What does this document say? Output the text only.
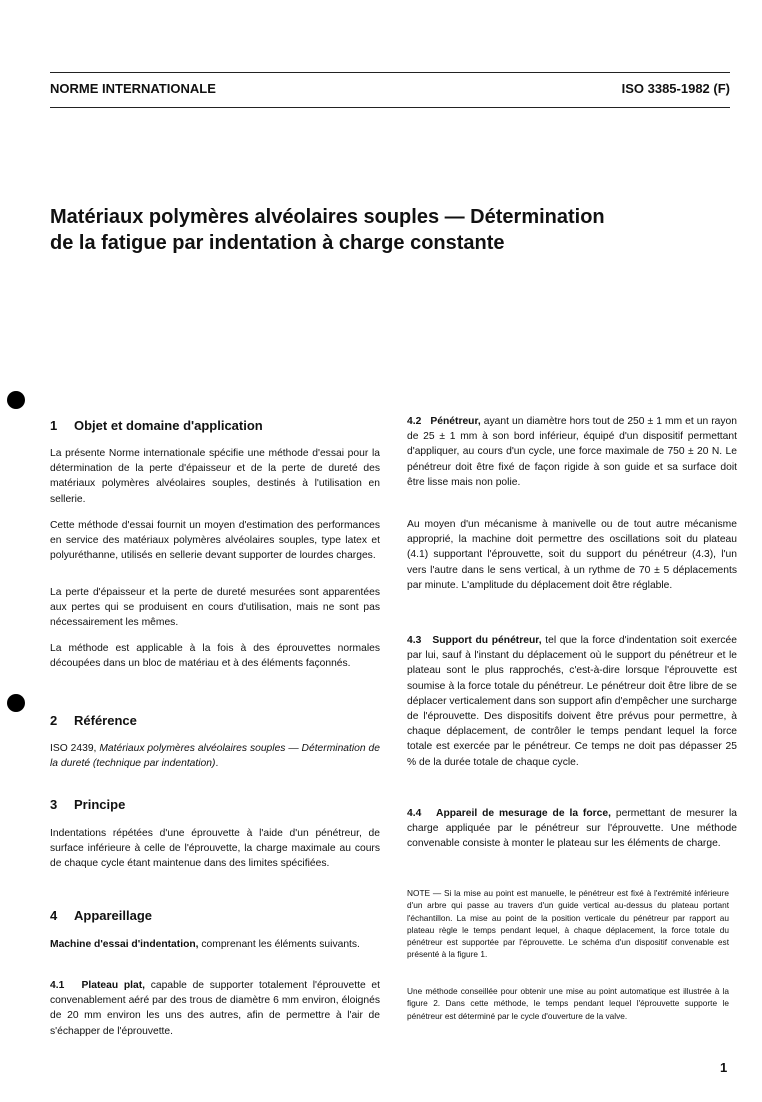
NORME INTERNATIONALE	ISO 3385-1982 (F)
Matériaux polymères alvéolaires souples — Détermination
de la fatigue par indentation à charge constante
1 Objet et domaine d'application

La présente Norme internationale spécifie une méthode d'essai pour la détermination de la perte d'épaisseur et de la perte de dureté des matériaux polymères alvéolaires souples, destinés à l'utilisation en sellerie.

Cette méthode d'essai fournit un moyen d'estimation des performances en service des matériaux polymères alvéolaires souples, type latex et polyuréthanne, utilisés en sellerie devant supporter de lourdes charges.

La perte d'épaisseur et la perte de dureté mesurées sont apparentées aux pertes qui se produisent en cours d'utilisation, mais ne sont pas nécessairement les mêmes.

La méthode est applicable à la fois à des éprouvettes normales découpées dans un bloc de matériau et à des éléments façonnés.

2 Référence

ISO 2439, Matériaux polymères alvéolaires souples — Détermination de la dureté (technique par indentation).

3 Principe

Indentations répétées d'une éprouvette à l'aide d'un pénétreur, de surface inférieure à celle de l'éprouvette, la charge maximale au cours de chaque cycle étant maintenue dans des limites spécifiées.

4 Appareillage

Machine d'essai d'indentation, comprenant les éléments suivants.

4.1 Plateau plat, capable de supporter totalement l'éprouvette et convenablement aéré par des trous de diamètre 6 mm environ, éloignés de 20 mm environ les uns des autres, afin de permettre à l'air de s'échapper de l'éprouvette.

4.2 Pénétreur, ayant un diamètre hors tout de 250 ± 1 mm et un rayon de 25 ± 1 mm à son bord inférieur, équipé d'un dispositif permettant d'appliquer, au cours d'un cycle, une force maximale de 750 ± 20 N. Le pénétreur doit être fixé de façon rigide à son guide et sa surface doit être lisse mais non polie.

Au moyen d'un mécanisme à manivelle ou de tout autre mécanisme approprié, la machine doit permettre des oscillations soit du plateau (4.1) supportant l'éprouvette, soit du support du pénétreur (4.3), l'un vers l'autre dans le sens vertical, à un rythme de 70 ± 5 déplacements par minute. L'amplitude du déplacement doit être réglable.

4.3 Support du pénétreur, tel que la force d'indentation soit exercée par lui, sauf à l'instant du déplacement où le support du pénétreur et le plateau sont le plus rapprochés, c'est-à-dire lorsque l'éprouvette est soumise à la force totale du pénétreur. Le pénétreur doit être libre de se déplacer verticalement dans son support afin d'empêcher une surcharge de l'éprouvette. Des dispositifs doivent être prévus pour permettre, à chaque déplacement, de contrôler le temps pendant lequel la force totale est exercée par le pénétreur. Ce temps ne doit pas dépasser 25 % de la durée totale de chaque cycle.

4.4 Appareil de mesurage de la force, permettant de mesurer la charge appliquée par le pénétreur sur l'éprouvette. Une méthode convenable consiste à monter le plateau sur les éléments de charge.

NOTE — Si la mise au point est manuelle, le pénétreur est fixé à l'extrémité inférieure d'un arbre qui passe au travers d'un guide vertical au-dessus du plateau portant l'échantillon. La mise au point de la position verticale du pénétreur par rapport au plateau règle le temps pendant lequel, à chaque déplacement, la force totale du pénétreur est supportée par l'éprouvette. Le schéma d'un dispositif convenable est présenté à la figure 1.

Une méthode conseillée pour obtenir une mise au point automatique est illustrée à la figure 2. Dans cette méthode, le temps pendant lequel l'éprouvette supporte le pénétreur est déterminé par le cycle d'ouverture de la valve.

1
